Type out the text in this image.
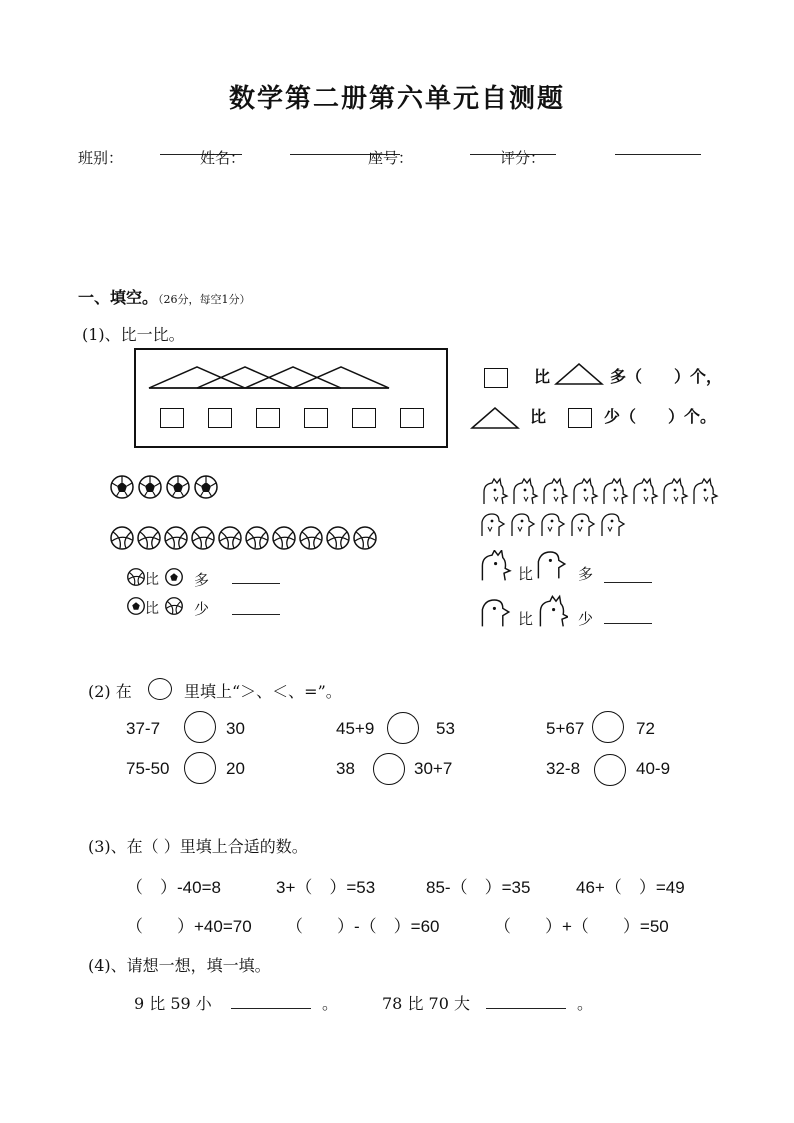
数学第二册第六单元自测题
班别：	姓名：	座号：	评分：
一、填空。（26分，每空1分）
(1)、比一比。
比	多（　　）个，
比	少（　　）个。
比 多
比 少
比	多
比	少
(2) 在	里填上“＞、＜、=”。
37-7	30	45+9	53	5+67	72
75-50	20	38	30+7	32-8	40-9
(3)、在（ ）里填上合适的数。
（　）-40=8	3+（　）=53	85-（　）=35	46+（　）=49
（　　）+40=70 （　　）-（　）=60	（　　）+（　　）=50
(4)、请想一想，填一填。
9 比 59 小	。	78 比 70 大	。
